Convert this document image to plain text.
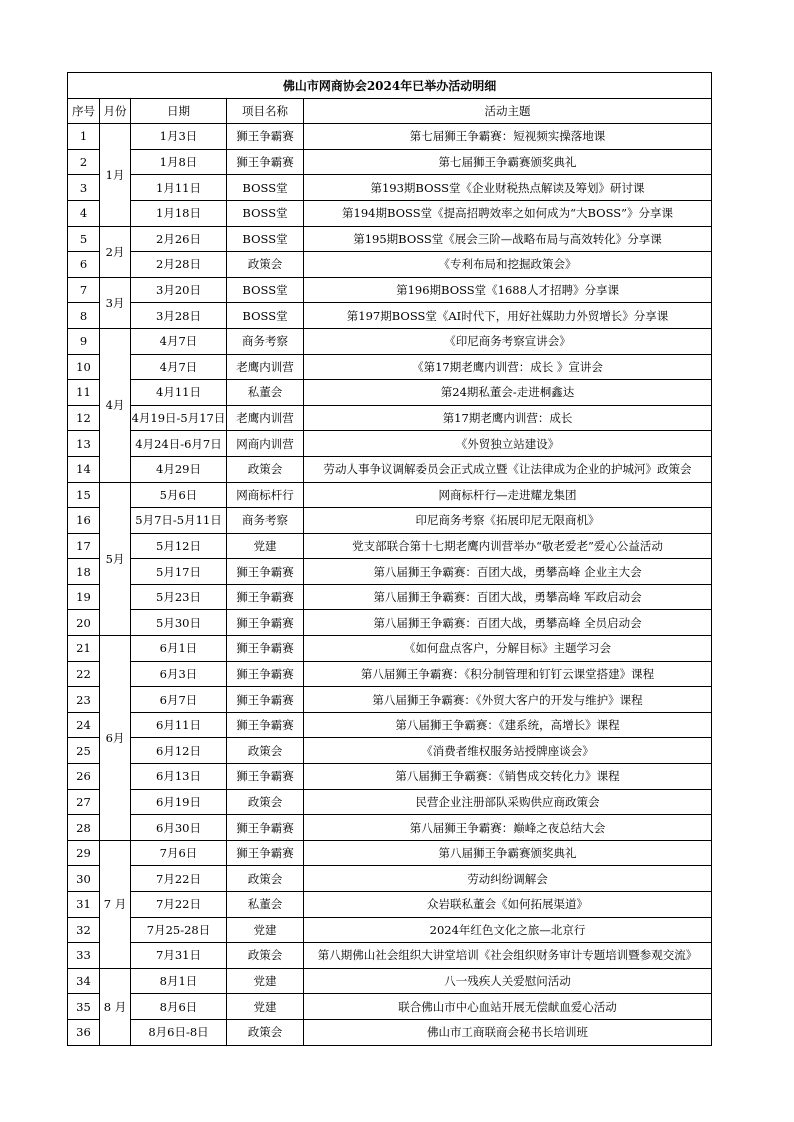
佛山市网商协会2024年已举办活动明细				
序号	月份	日期	项目名称	活动主题
1	1月	1月3日	狮王争霸赛	第七届狮王争霸赛：短视频实操落地课
2		1月8日	狮王争霸赛	第七届狮王争霸赛颁奖典礼
3		1月11日	BOSS堂	第193期BOSS堂《企业财税热点解读及筹划》研讨课
4		1月18日	BOSS堂	第194期BOSS堂《提高招聘效率之如何成为“大BOSS”》分享课
5	2月	2月26日	BOSS堂	第195期BOSS堂《展会三阶—战略布局与高效转化》分享课
6		2月28日	政策会	《专利布局和挖掘政策会》
7	3月	3月20日	BOSS堂	第196期BOSS堂《1688人才招聘》分享课
8		3月28日	BOSS堂	第197期BOSS堂《AI时代下，用好社媒助力外贸增长》分享课
9	4月	4月7日	商务考察	《印尼商务考察宣讲会》
10		4月7日	老鹰内训营	《第17期老鹰内训营：成长 》宣讲会
11		4月11日	私董会	第24期私董会-走进桐鑫达
12		4月19日-5月17日	老鹰内训营	第17期老鹰内训营：成长
13		4月24日-6月7日	网商内训营	《外贸独立站建设》
14		4月29日	政策会	劳动人事争议调解委员会正式成立暨《让法律成为企业的护城河》政策会
15	5月	5月6日	网商标杆行	网商标杆行—走进耀龙集团
16		5月7日-5月11日	商务考察	印尼商务考察《拓展印尼无限商机》
17		5月12日	党建	党支部联合第十七期老鹰内训营举办“敬老爱老”爱心公益活动
18		5月17日	狮王争霸赛	第八届狮王争霸赛：百团大战，勇攀高峰 企业主大会
19		5月23日	狮王争霸赛	第八届狮王争霸赛：百团大战，勇攀高峰 军政启动会
20		5月30日	狮王争霸赛	第八届狮王争霸赛：百团大战，勇攀高峰 全员启动会
21	6月	6月1日	狮王争霸赛	《如何盘点客户，分解目标》主题学习会
22		6月3日	狮王争霸赛	第八届狮王争霸赛：《积分制管理和钉钉云课堂搭建》课程
23		6月7日	狮王争霸赛	第八届狮王争霸赛：《外贸大客户的开发与维护》课程
24		6月11日	狮王争霸赛	第八届狮王争霸赛：《建系统，高增长》课程
25		6月12日	政策会	《消费者维权服务站授牌座谈会》
26		6月13日	狮王争霸赛	第八届狮王争霸赛：《销售成交转化力》课程
27		6月19日	政策会	民营企业注册部队采购供应商政策会
28		6月30日	狮王争霸赛	第八届狮王争霸赛：巅峰之夜总结大会
29	7 月	7月6日	狮王争霸赛	第八届狮王争霸赛颁奖典礼
30		7月22日	政策会	劳动纠纷调解会
31		7月22日	私董会	众岩联私董会《如何拓展渠道》
32		7月25-28日	党建	2024年红色文化之旅—北京行
33		7月31日	政策会	第八期佛山社会组织大讲堂培训《社会组织财务审计专题培训暨参观交流》
34	8 月	8月1日	党建	八一残疾人关爱慰问活动
35		8月6日	党建	联合佛山市中心血站开展无偿献血爱心活动
36		8月6日-8日	政策会	佛山市工商联商会秘书长培训班
